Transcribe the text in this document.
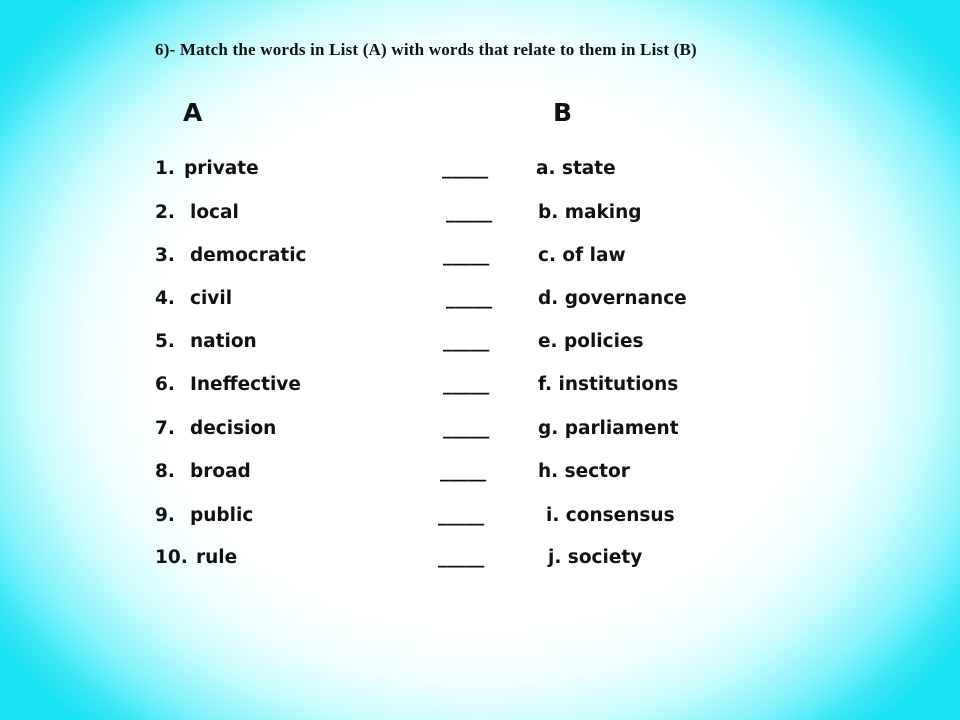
6)- Match the words in List (A) with words that relate to them in List (B)
A	B
1. private	_____	a. state
2. local	_____ b. making
3. democratic	_____	c. of law
4. civil	_____ d. governance
5. nation	_____	e. policies
6. Ineffective	_____	f. institutions
7. decision	_____	g. parliament
8. broad	_____	h. sector
9. public	_____	i. consensus
10. rule	_____	j. society
